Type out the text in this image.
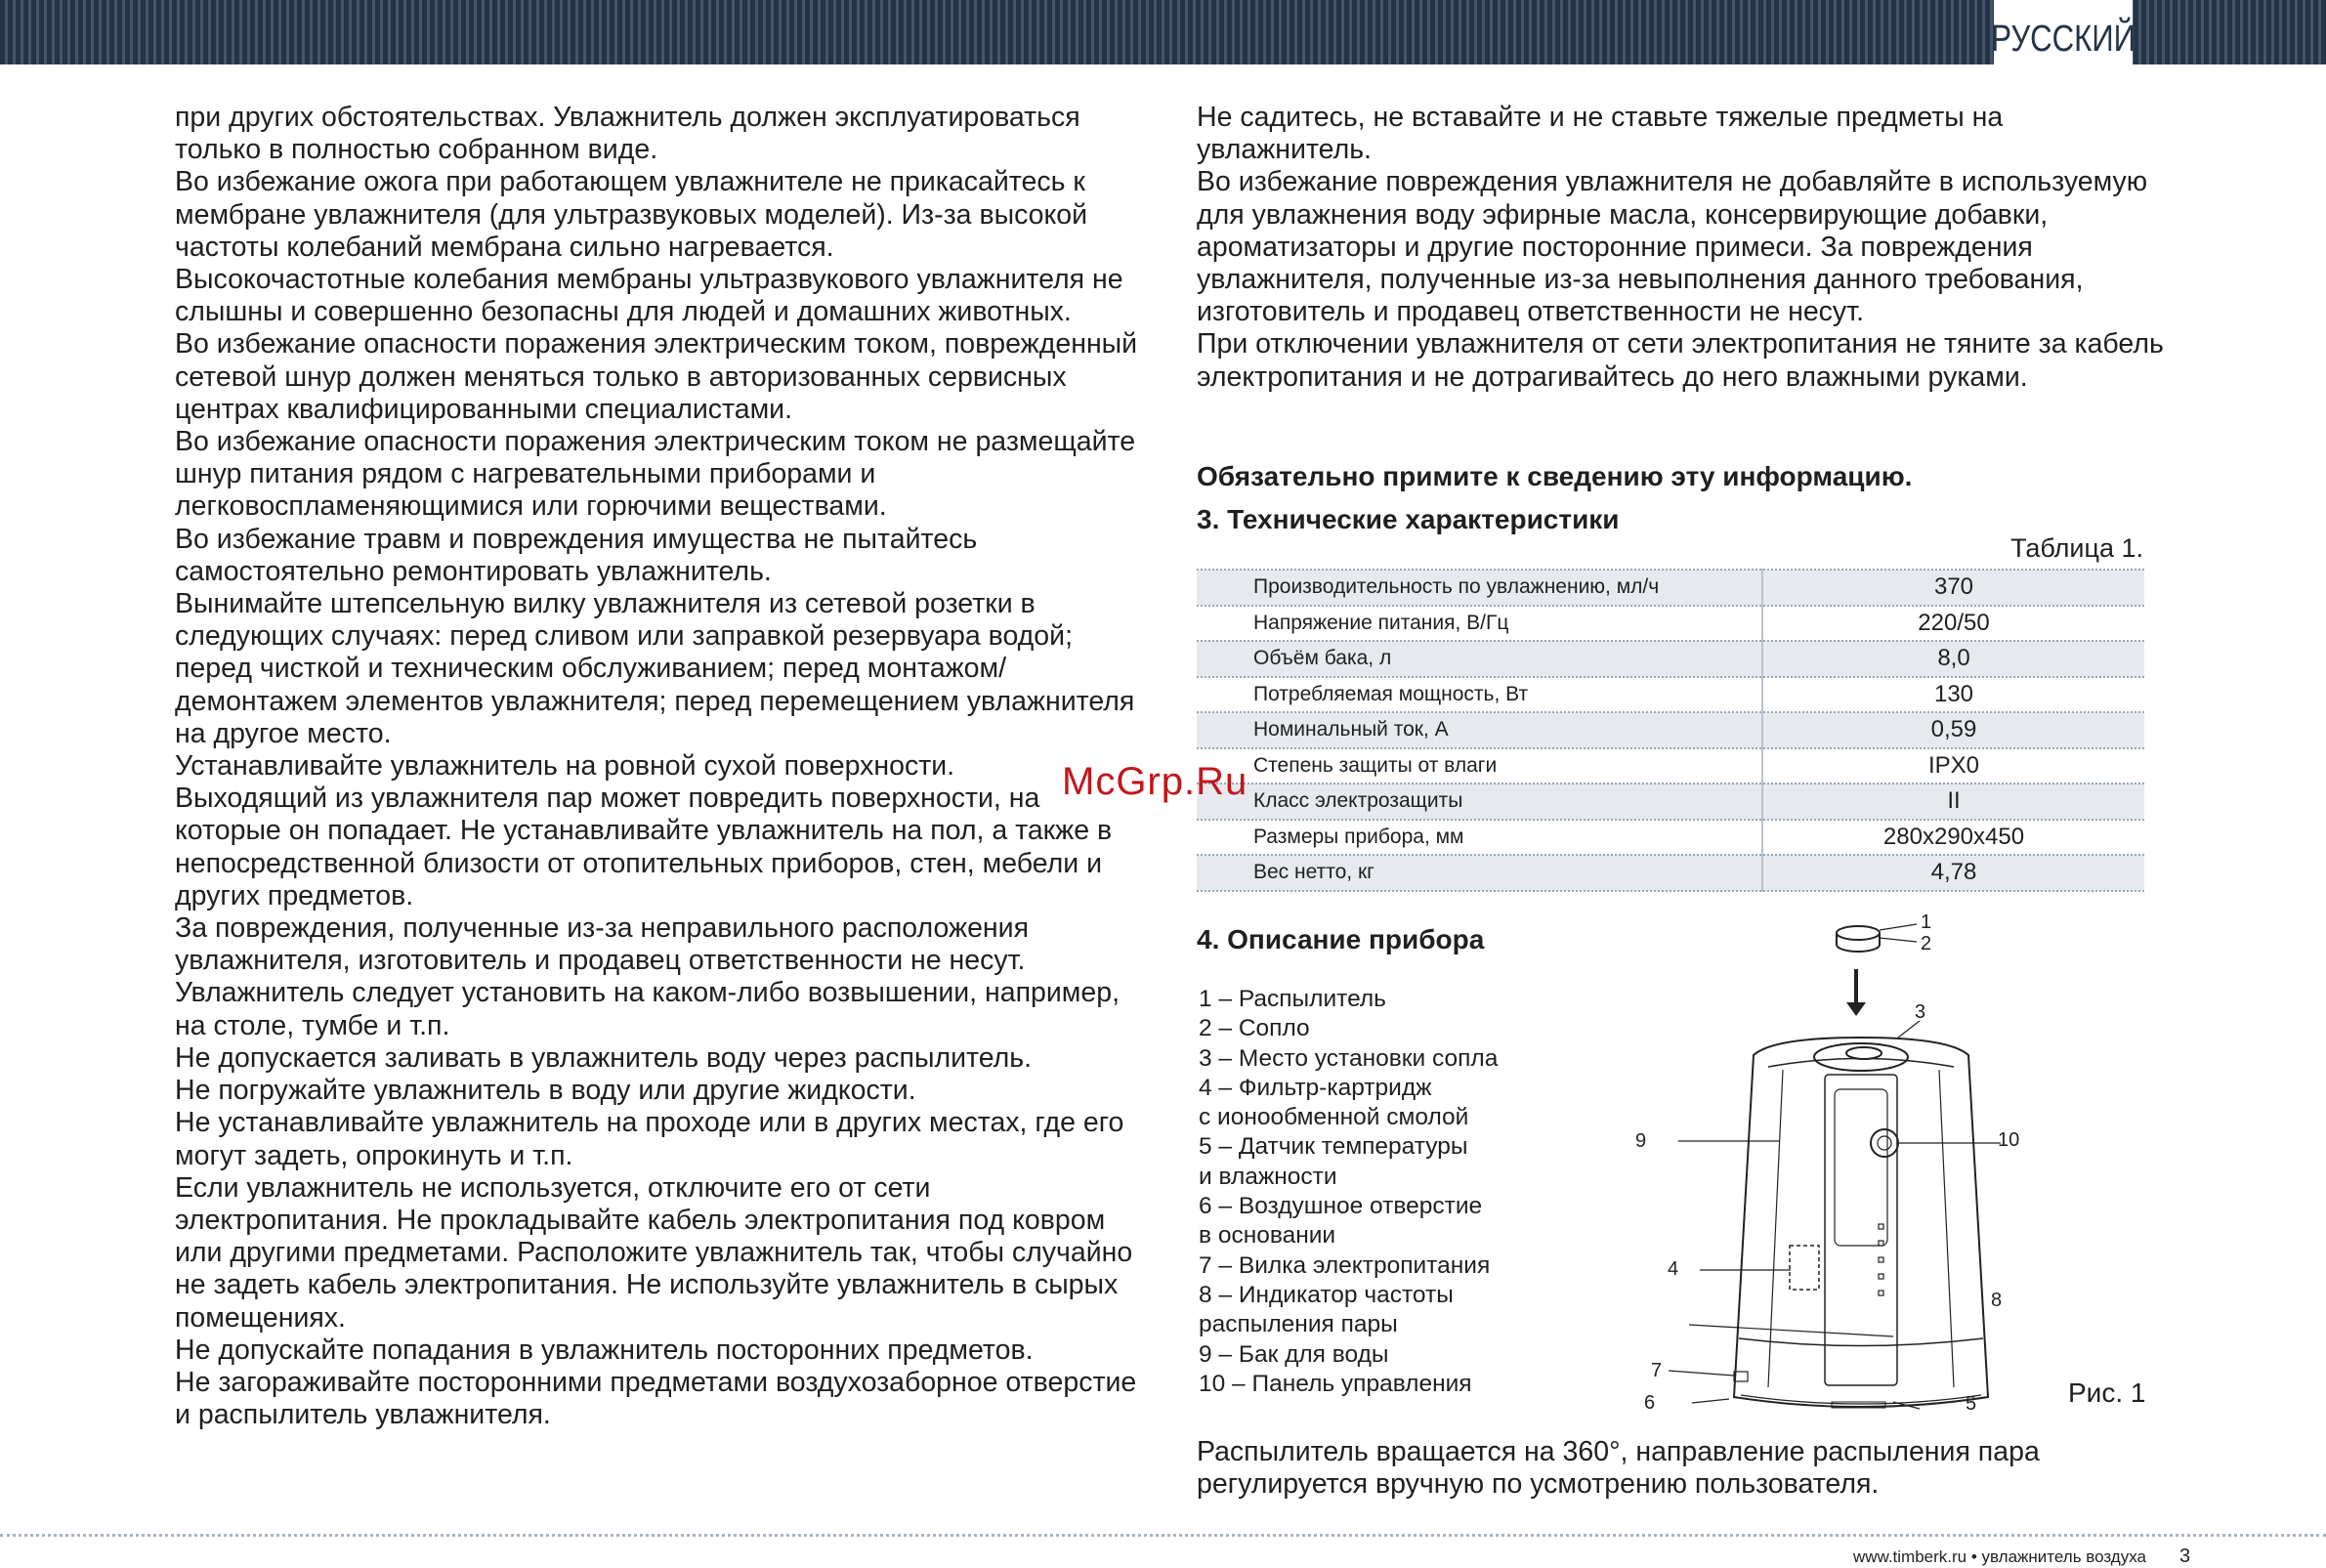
РУССКИЙ

при других обстоятельствах. Увлажнитель должен эксплуатироваться только в полностью собранном виде.

Во избежание ожога при работающем увлажнителе не прикасайтесь к мембране увлажнителя (для ультразвуковых моделей). Из-за высокой частоты колебаний мембрана сильно нагревается.

Высокочастотные колебания мембраны ультразвукового увлажнителя не слышны и совершенно безопасны для людей и домашних животных.

Во избежание опасности поражения электрическим током, поврежденный сетевой шнур должен меняться только в авторизованных сервисных центрах квалифицированными специалистами.

Во избежание опасности поражения электрическим током не размещайте шнур питания рядом с нагревательными приборами и легковоспламеняющимися или горючими веществами.

Во избежание травм и повреждения имущества не пытайтесь самостоятельно ремонтировать увлажнитель.

Вынимайте штепсельную вилку увлажнителя из сетевой розетки в следующих случаях: перед сливом или заправкой резервуара водой; перед чисткой и техническим обслуживанием; перед монтажом/демонтажем элементов увлажнителя; перед перемещением увлажнителя на другое место.

Устанавливайте увлажнитель на ровной сухой поверхности.

Выходящий из увлажнителя пар может повредить поверхности, на которые он попадает. Не устанавливайте увлажнитель на пол, а также в непосредственной близости от отопительных приборов, стен, мебели и других предметов.

За повреждения, полученные из-за неправильного расположения увлажнителя, изготовитель и продавец ответственности не несут.

Увлажнитель следует установить на каком-либо возвышении, например, на столе, тумбе и т.п.

Не допускается заливать в увлажнитель воду через распылитель.

Не погружайте увлажнитель в воду или другие жидкости.

Не устанавливайте увлажнитель на проходе или в других местах, где его могут задеть, опрокинуть и т.п.

Если увлажнитель не используется, отключите его от сети электропитания. Не прокладывайте кабель электропитания под ковром или другими предметами. Расположите увлажнитель так, чтобы случайно не задеть кабель электропитания. Не используйте увлажнитель в сырых помещениях.

Не допускайте попадания в увлажнитель посторонних предметов.

Не загораживайте посторонними предметами воздухозаборное отверстие и распылитель увлажнителя.

Не садитесь, не вставайте и не ставьте тяжелые предметы на увлажнитель.

Во избежание повреждения увлажнителя не добавляйте в используемую для увлажнения воду эфирные масла, консервирующие добавки, ароматизаторы и другие посторонние примеси. За повреждения увлажнителя, полученные из-за невыполнения данного требования, изготовитель и продавец ответственности не несут.

При отключении увлажнителя от сети электропитания не тяните за кабель электропитания и не дотрагивайтесь до него влажными руками.

Обязательно примите к сведению эту информацию.
3. Технические характеристики
Таблица 1.
Производительность по увлажнению, мл/ч	370
Напряжение питания, В/Гц	220/50
Объём бака, л	8,0
Потребляемая мощность, Вт	130
Номинальный ток, А	0,59
Степень защиты от влаги	IPX0
Класс электрозащиты	II
Размеры прибора, мм	280x290x450
Вес нетто, кг	4,78
McGrp.Ru
4. Описание прибора

1 – Распылитель

2 – Сопло

3 – Место установки сопла

4 – Фильтр-картридж

с ионообменной смолой

5 – Датчик температуры

и влажности

6 – Воздушное отверстие

в основании

7 – Вилка электропитания

8 – Индикатор частоты

распыления пары

9 – Бак для воды

10 – Панель управления

1
2
3
4
5
6
7
8
9	10
Рис. 1
Распылитель вращается на 360°, направление распыления пара регулируется вручную по усмотрению пользователя.
www.timberk.ru • увлажнитель воздуха 3
